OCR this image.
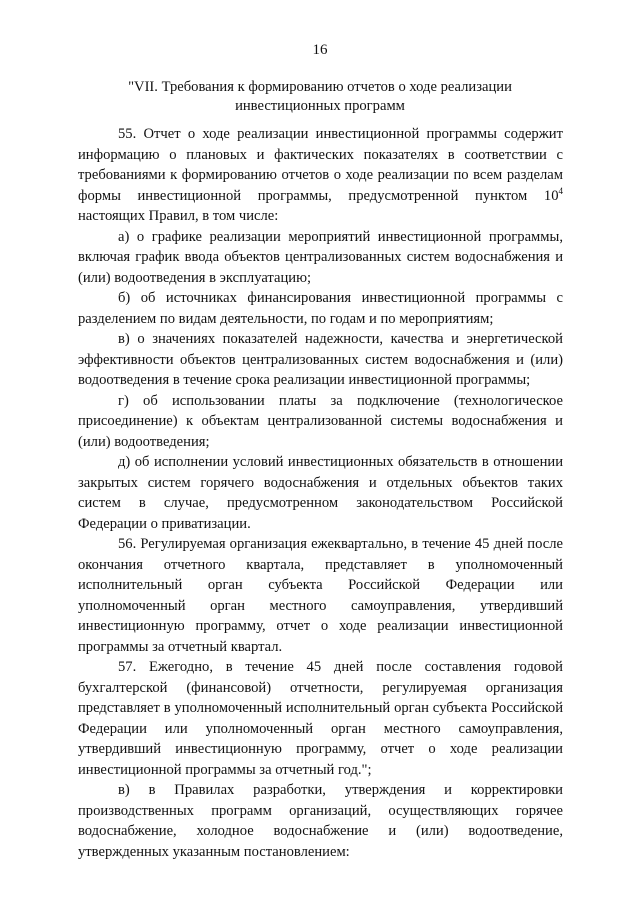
16
"VII. Требования к формированию отчетов о ходе реализации
инвестиционных программ

55. Отчет о ходе реализации инвестиционной программы содержит информацию о плановых и фактических показателях в соответствии с требованиями к формированию отчетов о ходе реализации по всем разделам формы инвестиционной программы, предусмотренной пунктом $10^4$ настоящих Правил, в том числе:

а) о графике реализации мероприятий инвестиционной программы, включая график ввода объектов централизованных систем водоснабжения и (или) водоотведения в эксплуатацию;

б) об источниках финансирования инвестиционной программы с разделением по видам деятельности, по годам и по мероприятиям;

в) о значениях показателей надежности, качества и энергетической эффективности объектов централизованных систем водоснабжения и (или) водоотведения в течение срока реализации инвестиционной программы;

г) об использовании платы за подключение (технологическое присоединение) к объектам централизованной системы водоснабжения и (или) водоотведения;

д) об исполнении условий инвестиционных обязательств в отношении закрытых систем горячего водоснабжения и отдельных объектов таких систем в случае, предусмотренном законодательством Российской Федерации о приватизации.

56. Регулируемая организация ежеквартально, в течение 45 дней после окончания отчетного квартала, представляет в уполномоченный исполнительный орган субъекта Российской Федерации или уполномоченный орган местного самоуправления, утвердивший инвестиционную программу, отчет о ходе реализации инвестиционной программы за отчетный квартал.

57. Ежегодно, в течение 45 дней после составления годовой бухгалтерской (финансовой) отчетности, регулируемая организация представляет в уполномоченный исполнительный орган субъекта Российской Федерации или уполномоченный орган местного самоуправления, утвердивший инвестиционную программу, отчет о ходе реализации инвестиционной программы за отчетный год.";

в) в Правилах разработки, утверждения и корректировки производственных программ организаций, осуществляющих горячее водоснабжение, холодное водоснабжение и (или) водоотведение, утвержденных указанным постановлением:
